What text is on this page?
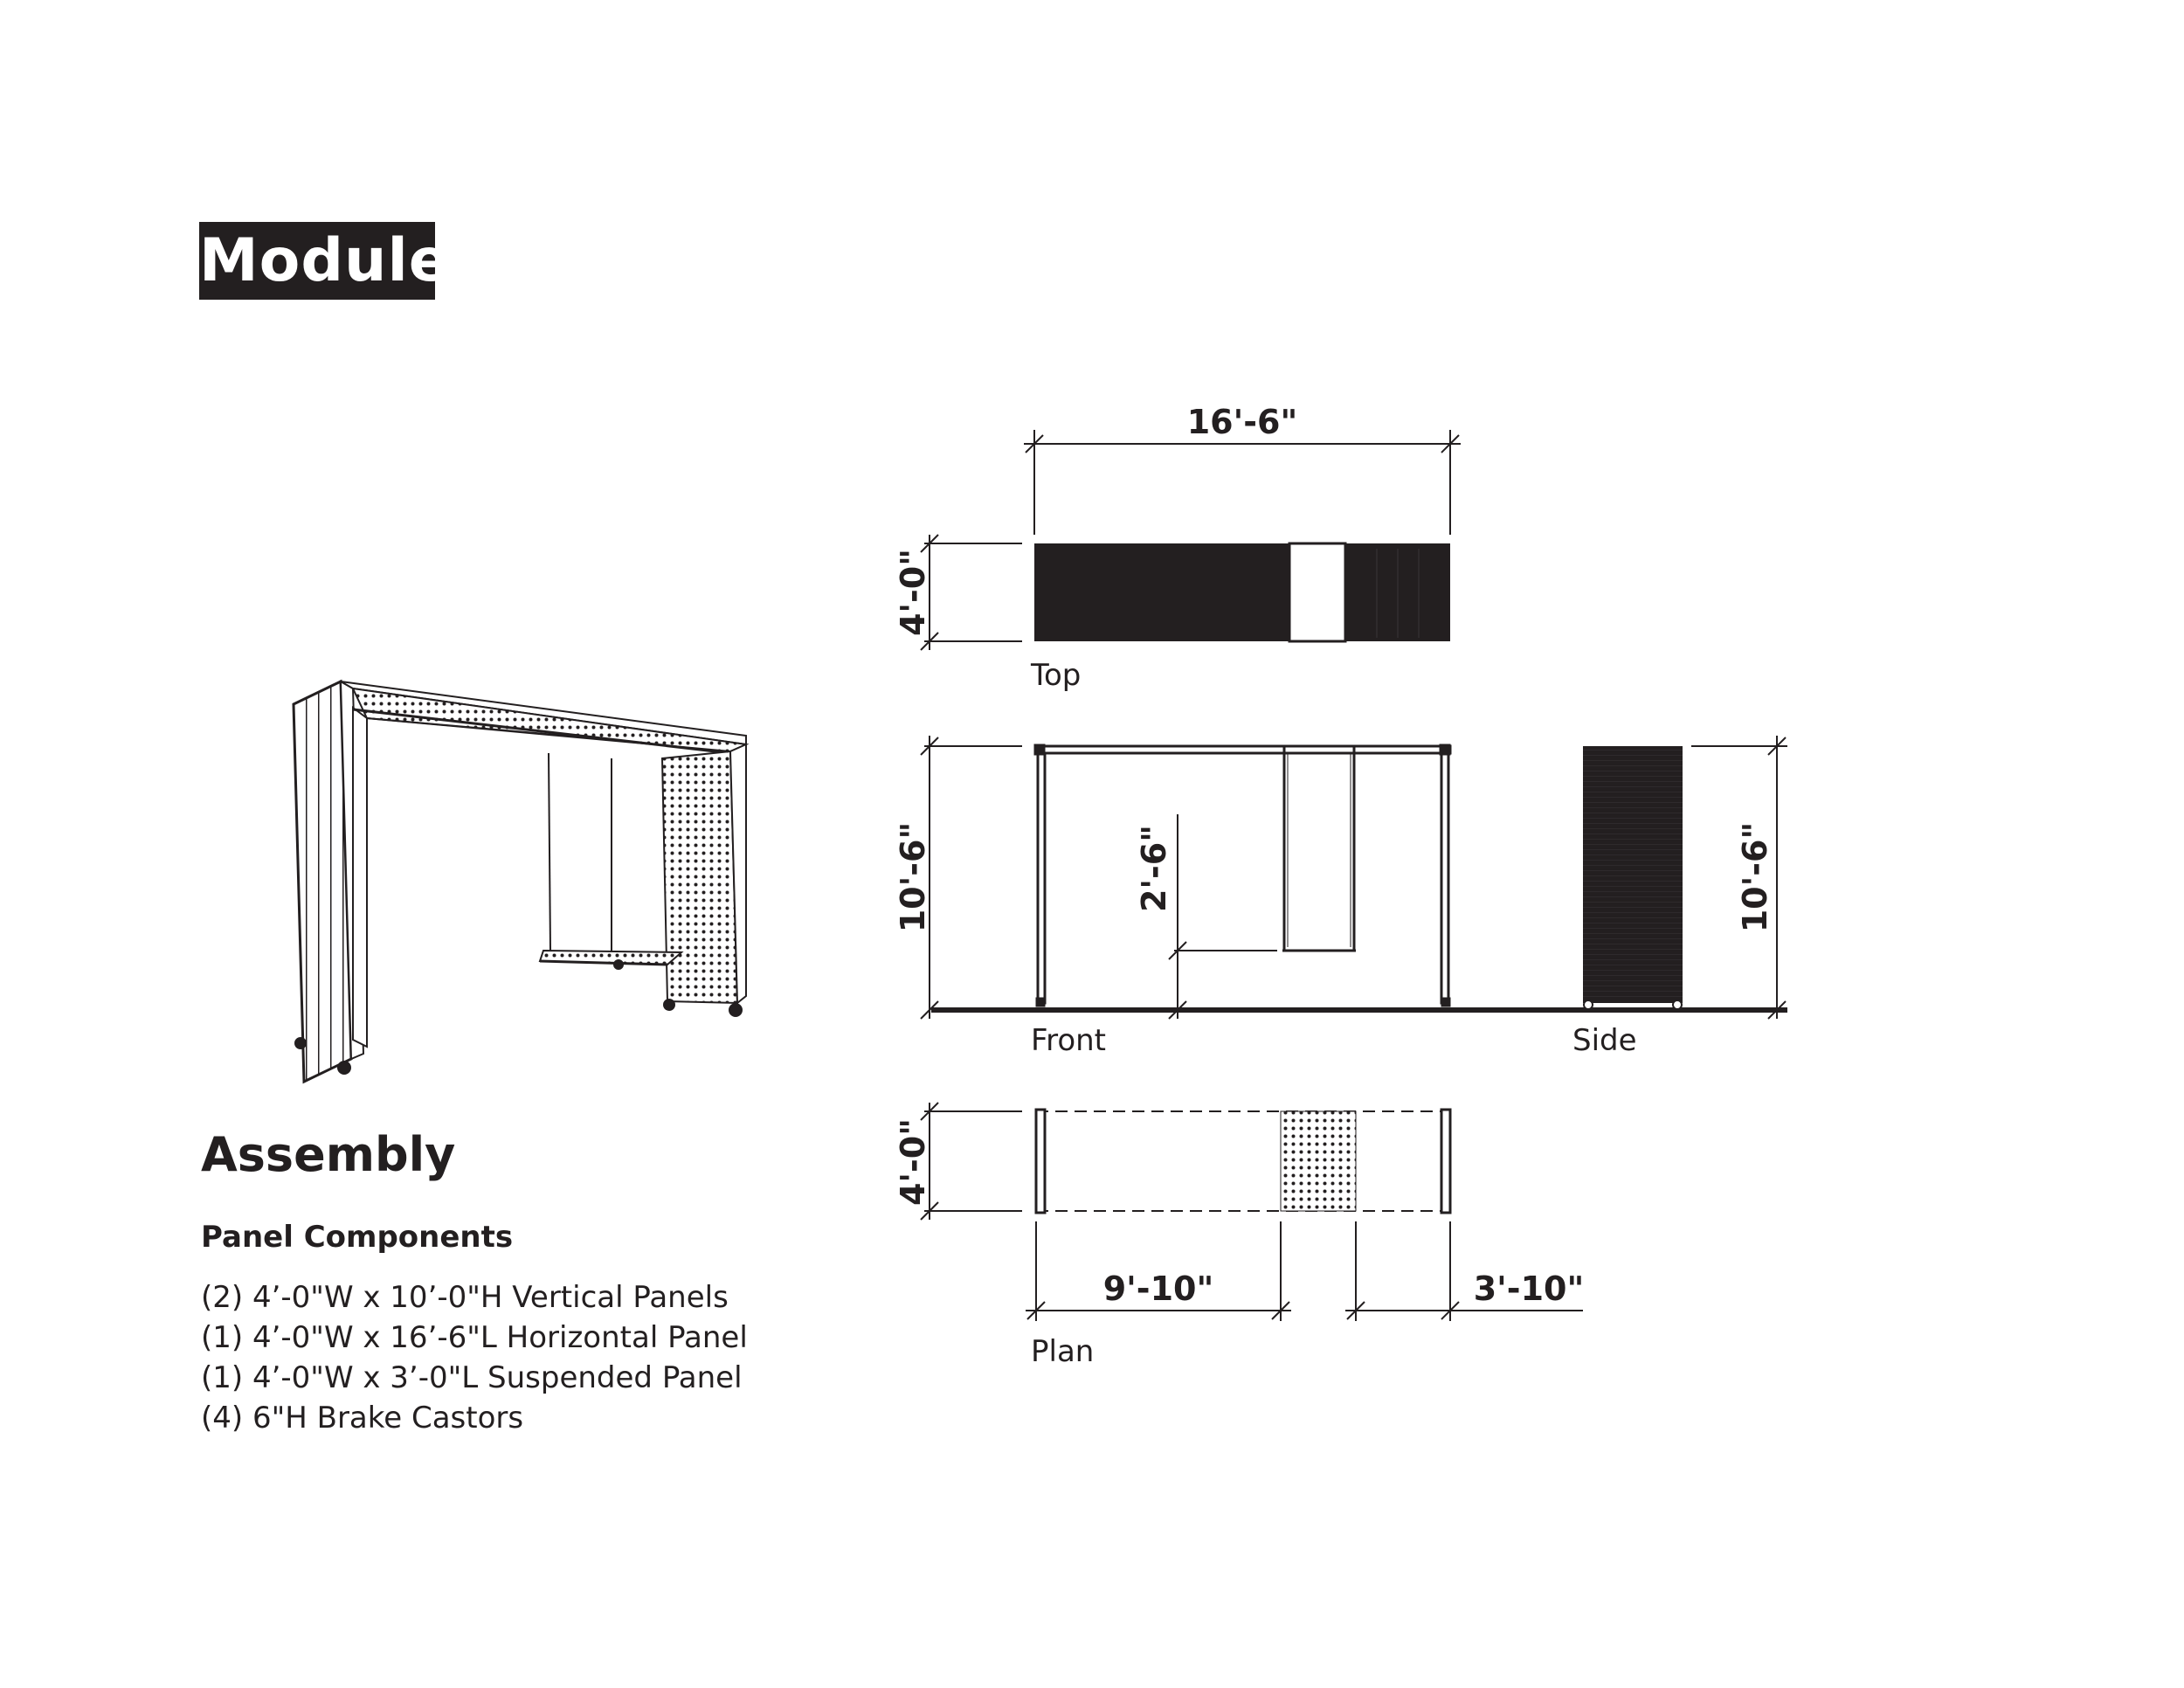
Module
16'-6"
4'-0"
Top
10'-6"	2'-6"
Front
10'-6"
Side
4'-0"
9'-10"	3'-10"
Plan
Assembly
Panel Components
(2) 4’-0"W x 10’-0"H Vertical Panels
(1) 4’-0"W x 16’-6"L Horizontal Panel
(1) 4’-0"W x 3’-0"L Suspended Panel
(4) 6"H Brake Castors
